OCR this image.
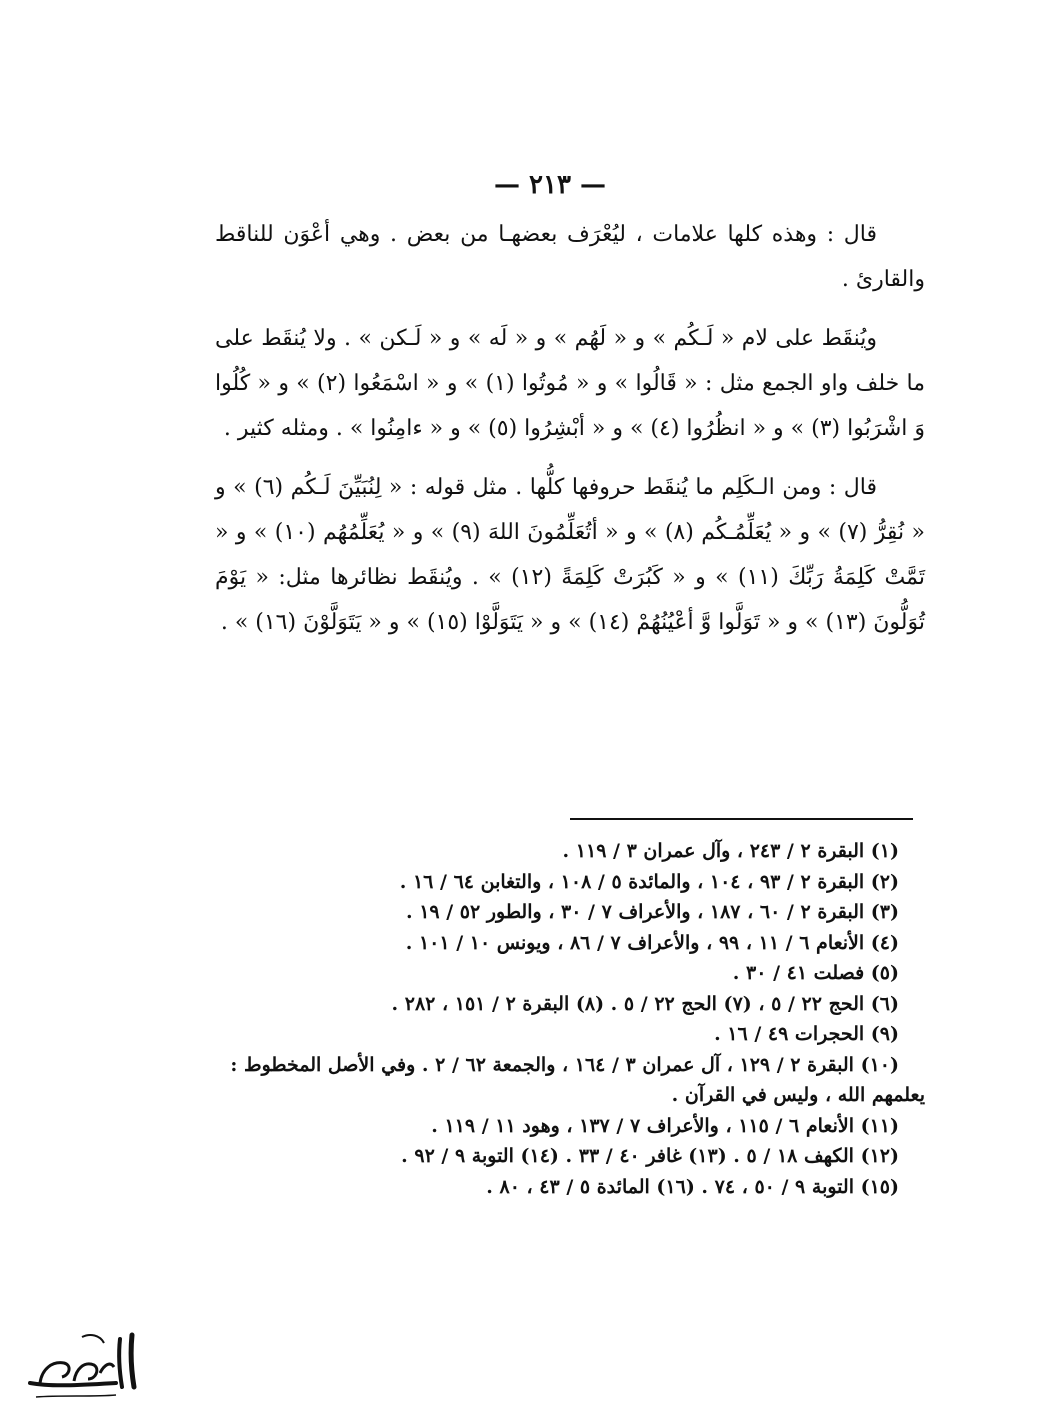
— ٢١٣ —

قال : وهذه كلها علامات ، ليُعْرَف بعضهـا من بعض . وهي أعْوَن للناقط والقارئ .

ويُنقَط على لام « لَـكُم » و « لَهُم » و « لَه » و « لَـكن » . ولا يُنقَط على ما خلف واو الجمع مثل : « قَالُوا » و « مُوتُوا (١) » و « اسْمَعُوا (٢) » و « كُلُوا وَ اشْرَبُوا (٣) » و « انظُرُوا (٤) » و « أبْشِرُوا (٥) » و « ءامِنُوا » . ومثله كثير .

قال : ومن الـكَلِم ما يُنقَط حروفها كلُّها . مثل قوله : « لِنُبَيِّنَ لَـكُم (٦) » و « نُقِرُّ (٧) » و « يُعَلِّمُـكُم (٨) » و « أتُعَلِّمُونَ اللهَ (٩) » و « يُعَلِّمُهُم (١٠) » و « تَمَّتْ كَلِمَةُ رَبِّكَ (١١) » و « كَبُرَتْ كَلِمَةً (١٢) » . ويُنقَط نظائرها مثل: « يَوْمَ تُوَلُّونَ (١٣) » و « تَوَلَّوا وَّ أعْيُنُهُمْ (١٤) » و « يَتَوَلَّوْا (١٥) » و « يَتَوَلَّوْنَ (١٦) » .

(١) البقرة ٢ / ٢٤٣ ، وآل عمران ٣ / ١١٩ .

(٢) البقرة ٢ / ٩٣ ، ١٠٤ ، والمائدة ٥ / ١٠٨ ، والتغابن ٦٤ / ١٦ .

(٣) البقرة ٢ / ٦٠ ، ١٨٧ ، والأعراف ٧ / ٣٠ ، والطور ٥٢ / ١٩ .

(٤) الأنعام ٦ / ١١ ، ٩٩ ، والأعراف ٧ / ٨٦ ، ويونس ١٠ / ١٠١ .

(٥) فصلت ٤١ / ٣٠ .

(٦) الحج ٢٢ / ٥ ، (٧) الحج ٢٢ / ٥ . (٨) البقرة ٢ / ١٥١ ، ٢٨٢ .

(٩) الحجرات ٤٩ / ١٦ .

(١٠) البقرة ٢ / ١٢٩ ، آل عمران ٣ / ١٦٤ ، والجمعة ٦٢ / ٢ . وفي الأصل المخطوط : يعلمهم الله ، وليس في القرآن .

(١١) الأنعام ٦ / ١١٥ ، والأعراف ٧ / ١٣٧ ، وهود ١١ / ١١٩ .

(١٢) الكهف ١٨ / ٥ . (١٣) غافر ٤٠ / ٣٣ . (١٤) التوبة ٩ / ٩٢ .

(١٥) التوبة ٩ / ٥٠ ، ٧٤ . (١٦) المائدة ٥ / ٤٣ ، ٨٠ .
